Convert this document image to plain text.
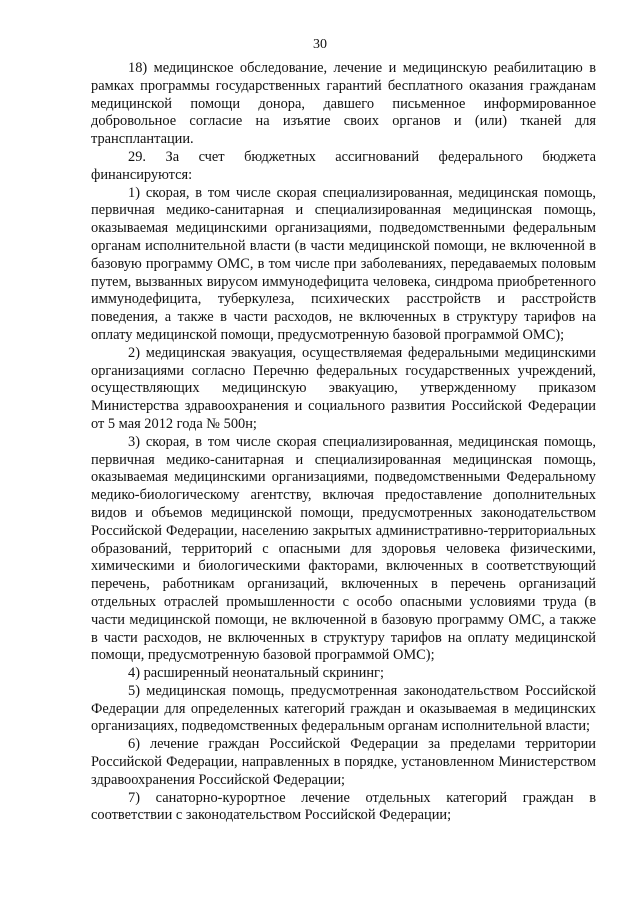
30

18) медицинское обследование, лечение и медицинскую реабилитацию в рамках программы государственных гарантий бесплатного оказания гражданам медицинской помощи донора, давшего письменное информированное добровольное согласие на изъятие своих органов и (или) тканей для трансплантации.

29. За счет бюджетных ассигнований федерального бюджета финансируются:

1) скорая, в том числе скорая специализированная, медицинская помощь, первичная медико-санитарная и специализированная медицинская помощь, оказываемая медицинскими организациями, подведомственными федеральным органам исполнительной власти (в части медицинской помощи, не включенной в базовую программу ОМС, в том числе при заболеваниях, передаваемых половым путем, вызванных вирусом иммунодефицита человека, синдрома приобретенного иммунодефицита, туберкулеза, психических расстройств и расстройств поведения, а также в части расходов, не включенных в структуру тарифов на оплату медицинской помощи, предусмотренную базовой программой ОМС);

2) медицинская эвакуация, осуществляемая федеральными медицинскими организациями согласно Перечню федеральных государственных учреждений, осуществляющих медицинскую эвакуацию, утвержденному приказом Министерства здравоохранения и социального развития Российской Федерации от 5 мая 2012 года № 500н;

3) скорая, в том числе скорая специализированная, медицинская помощь, первичная медико-санитарная и специализированная медицинская помощь, оказываемая медицинскими организациями, подведомственными Федеральному медико-биологическому агентству, включая предоставление дополнительных видов и объемов медицинской помощи, предусмотренных законодательством Российской Федерации, населению закрытых административно-территориальных образований, территорий с опасными для здоровья человека физическими, химическими и биологическими факторами, включенных в соответствующий перечень, работникам организаций, включенных в перечень организаций отдельных отраслей промышленности с особо опасными условиями труда (в части медицинской помощи, не включенной в базовую программу ОМС, а также в части расходов, не включенных в структуру тарифов на оплату медицинской помощи, предусмотренную базовой программой ОМС);

4) расширенный неонатальный скрининг;

5) медицинская помощь, предусмотренная законодательством Российской Федерации для определенных категорий граждан и оказываемая в медицинских организациях, подведомственных федеральным органам исполнительной власти;

6) лечение граждан Российской Федерации за пределами территории Российской Федерации, направленных в порядке, установленном Министерством здравоохранения Российской Федерации;

7) санаторно-курортное лечение отдельных категорий граждан в соответствии с законодательством Российской Федерации;
